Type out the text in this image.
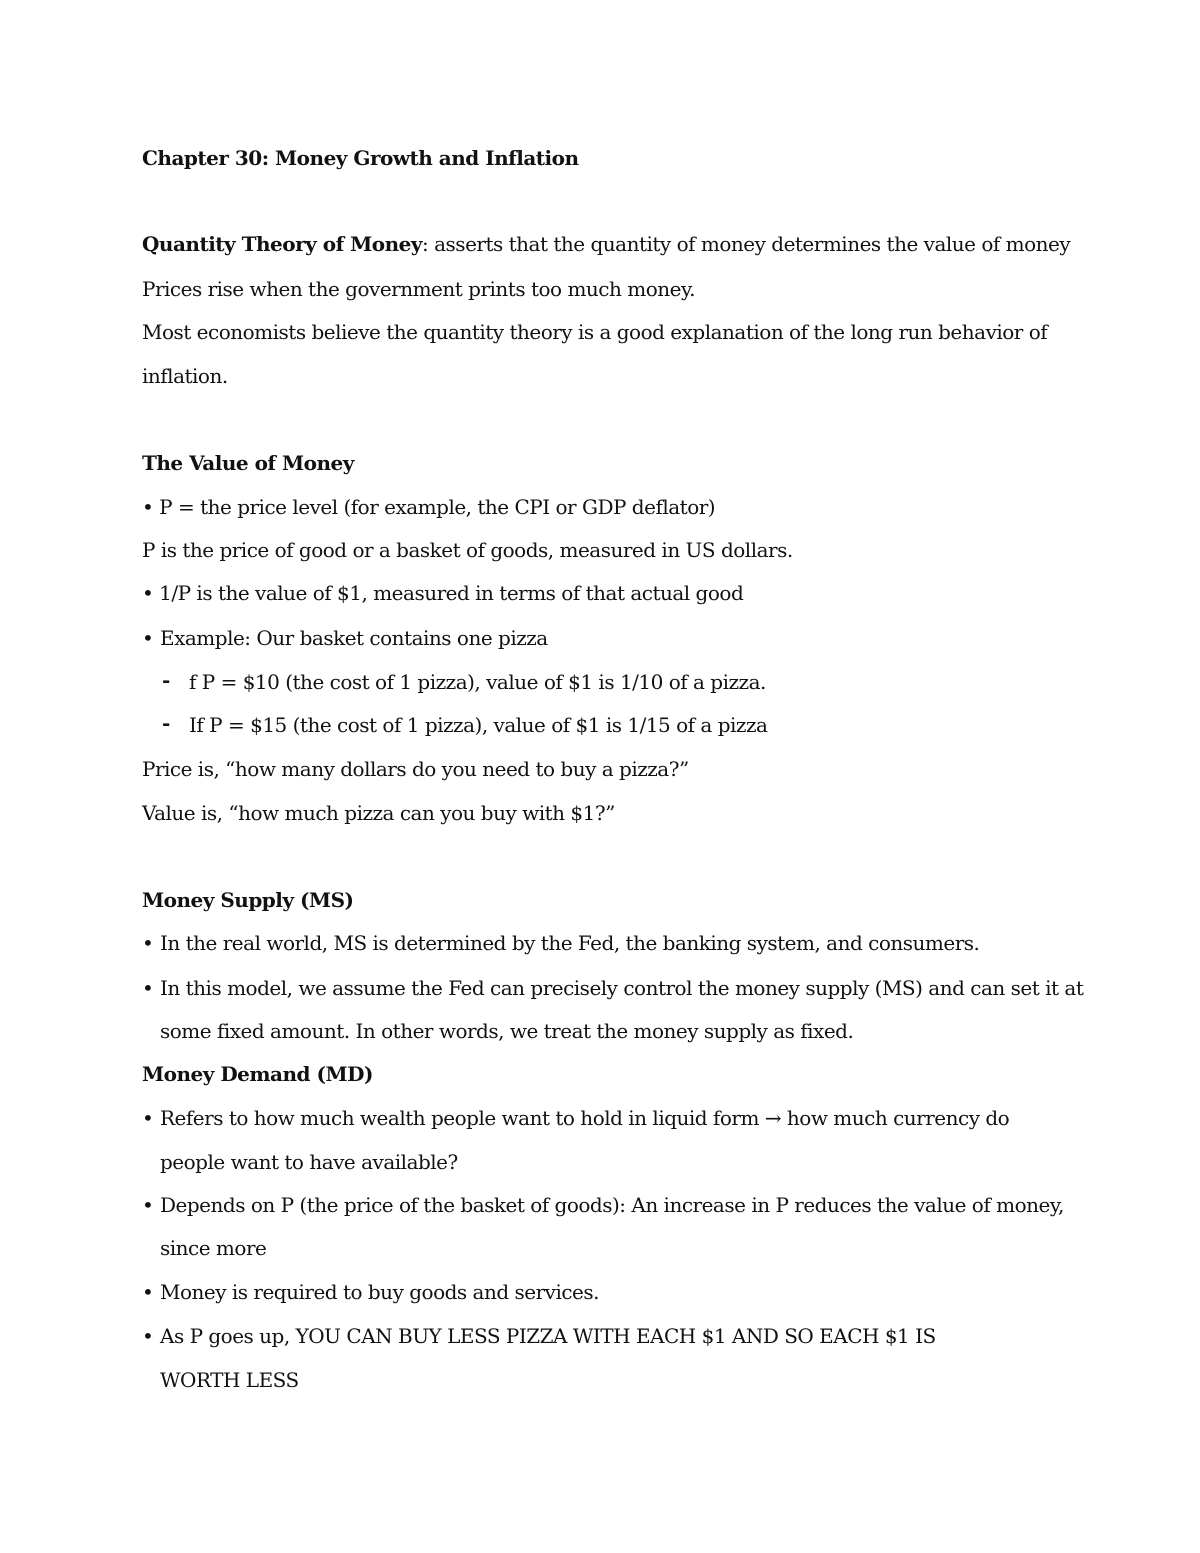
Chapter 30: Money Growth and Inflation
Quantity Theory of Money: asserts that the quantity of money determines the value of money
Prices rise when the government prints too much money.
Most economists believe the quantity theory is a good explanation of the long run behavior of
inflation.
The Value of Money
• P = the price level (for example, the CPI or GDP deflator)
P is the price of good or a basket of goods, measured in US dollars.
• 1/P is the value of $1, measured in terms of that actual good
• Example: Our basket contains one pizza
- f P = $10 (the cost of 1 pizza), value of $1 is 1/10 of a pizza.
- If P = $15 (the cost of 1 pizza), value of $1 is 1/15 of a pizza
Price is, “how many dollars do you need to buy a pizza?”
Value is, “how much pizza can you buy with $1?”
Money Supply (MS)
• In the real world, MS is determined by the Fed, the banking system, and consumers.
• In this model, we assume the Fed can precisely control the money supply (MS) and can set it at
some fixed amount. In other words, we treat the money supply as fixed.
Money Demand (MD)
• Refers to how much wealth people want to hold in liquid form → how much currency do
people want to have available?
• Depends on P (the price of the basket of goods): An increase in P reduces the value of money,
since more
• Money is required to buy goods and services.
• As P goes up, YOU CAN BUY LESS PIZZA WITH EACH $1 AND SO EACH $1 IS
WORTH LESS
